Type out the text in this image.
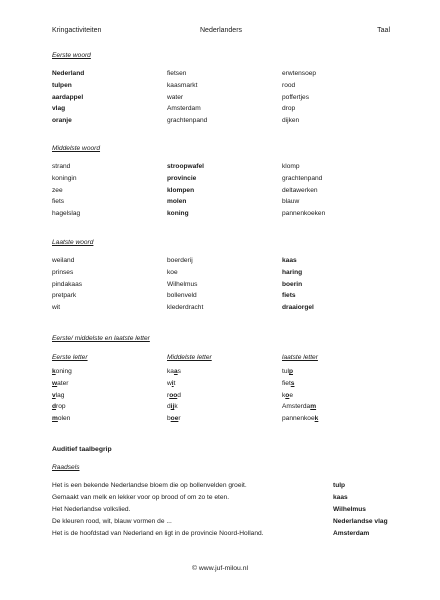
Kringactiviteiten	Nederlanders	Taal
Eerste woord
Nederland	fietsen	erwtensoep
tulpen	kaasmarkt	rood
aardappel	water	poffertjes
vlag	Amsterdam	drop
oranje	grachtenpand	dijken
Middelste woord
strand	stroopwafel	klomp
koningin	provincie	grachtenpand
zee	klompen	deltawerken
fiets	molen	blauw
hagelslag	koning	pannenkoeken
Laatste woord
weiland	boerderij	kaas
prinses	koe	haring
pindakaas	Wilhelmus	boerin
pretpark	bollenveld	fiets
wit	klederdracht	draaiorgel
Eerste/ middelste en laatste letter
Eerste letter	Middelste letter	laatste letter
koning	kaas	tulp
water	wit	fiets
vlag	rood	koe
drop	dijk	Amsterdam
molen	boer	pannenkoek
Auditief taalbegrip
Raadsels
Het is een bekende Nederlandse bloem die op bollenvelden groeit.	tulp
Gemaakt van melk en lekker voor op brood of om zo te eten.	kaas
Het Nederlandse volkslied.	Wilhelmus
De kleuren rood, wit, blauw vormen de ...	Nederlandse vlag
Het is de hoofdstad van Nederland en ligt in de provincie Noord-Holland.	Amsterdam
© www.juf-milou.nl
